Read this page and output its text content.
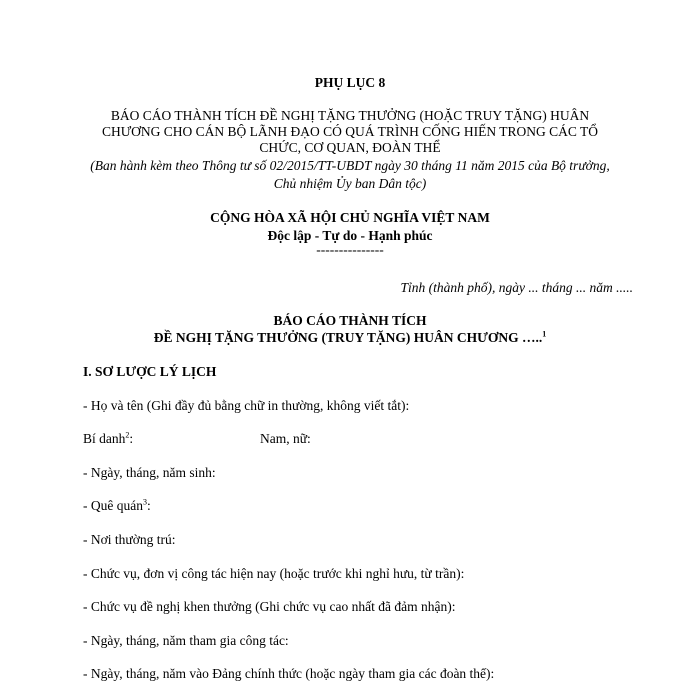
PHỤ LỤC 8
BÁO CÁO THÀNH TÍCH ĐỀ NGHỊ TẶNG THƯỞNG (HOẶC TRUY TẶNG) HUÂN
CHƯƠNG CHO CÁN BỘ LÃNH ĐẠO CÓ QUÁ TRÌNH CỐNG HIẾN TRONG CÁC TỔ
CHỨC, CƠ QUAN, ĐOÀN THỂ
(Ban hành kèm theo Thông tư số 02/2015/TT-UBDT ngày 30 tháng 11 năm 2015 của Bộ trưởng,
Chủ nhiệm Ủy ban Dân tộc)
CỘNG HÒA XÃ HỘI CHỦ NGHĨA VIỆT NAM
Độc lập - Tự do - Hạnh phúc
---------------
Tỉnh (thành phố), ngày ... tháng ... năm .....
BÁO CÁO THÀNH TÍCH
ĐỀ NGHỊ TẶNG THƯỞNG (TRUY TẶNG) HUÂN CHƯƠNG …..$^1$
I. SƠ LƯỢC LÝ LỊCH
- Họ và tên (Ghi đầy đủ bằng chữ in thường, không viết tắt):
Bí danh$^2$:	Nam, nữ:
- Ngày, tháng, năm sinh:
- Quê quán$^3$:
- Nơi thường trú:
- Chức vụ, đơn vị công tác hiện nay (hoặc trước khi nghỉ hưu, từ trần):
- Chức vụ đề nghị khen thưởng (Ghi chức vụ cao nhất đã đảm nhận):
- Ngày, tháng, năm tham gia công tác:
- Ngày, tháng, năm vào Đảng chính thức (hoặc ngày tham gia các đoàn thể):
